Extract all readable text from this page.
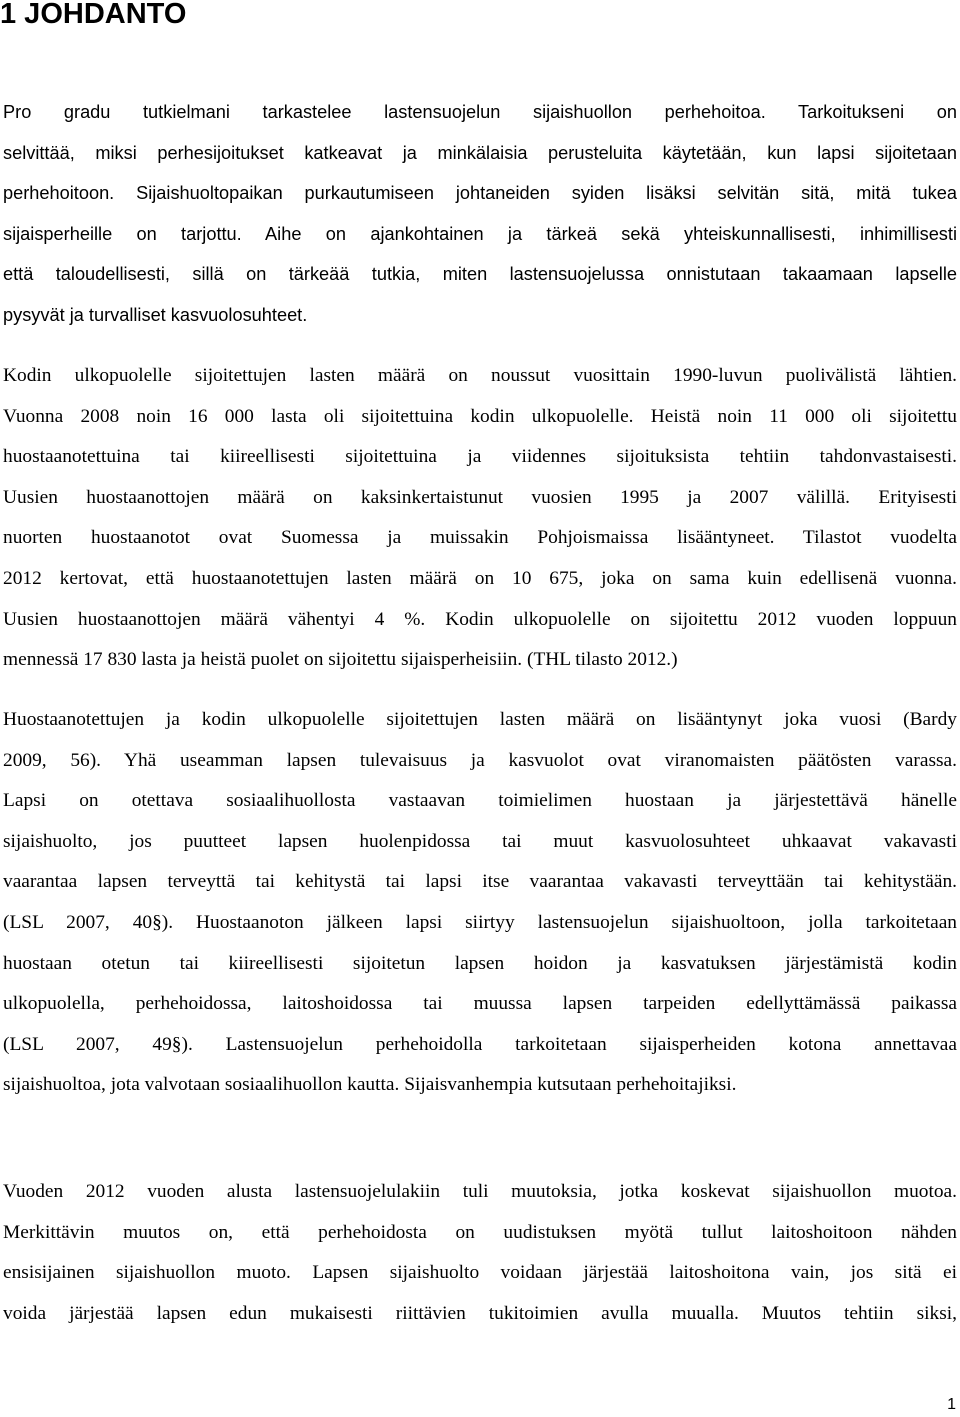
1 JOHDANTO

Pro gradu tutkielmani tarkastelee lastensuojelun sijaishuollon perhehoitoa. Tarkoitukseni on
selvittää, miksi perhesijoitukset katkeavat ja minkälaisia perusteluita käytetään, kun lapsi sijoitetaan
perhehoitoon. Sijaishuoltopaikan purkautumiseen johtaneiden syiden lisäksi selvitän sitä, mitä tukea
sijaisperheille on tarjottu. Aihe on ajankohtainen ja tärkeä sekä yhteiskunnallisesti, inhimillisesti
että taloudellisesti, sillä on tärkeää tutkia, miten lastensuojelussa onnistutaan takaamaan lapselle
pysyvät ja turvalliset kasvuolosuhteet.

Kodin ulkopuolelle sijoitettujen lasten määrä on noussut vuosittain 1990-luvun puolivälistä lähtien.
Vuonna 2008 noin 16 000 lasta oli sijoitettuina kodin ulkopuolelle. Heistä noin 11 000 oli sijoitettu
huostaanotettuina tai kiireellisesti sijoitettuina ja viidennes sijoituksista tehtiin tahdonvastaisesti.
Uusien huostaanottojen määrä on kaksinkertaistunut vuosien 1995 ja 2007 välillä. Erityisesti
nuorten huostaanotot ovat Suomessa ja muissakin Pohjoismaissa lisääntyneet. Tilastot vuodelta
2012 kertovat, että huostaanotettujen lasten määrä on 10 675, joka on sama kuin edellisenä vuonna.
Uusien huostaanottojen määrä vähentyi 4 %. Kodin ulkopuolelle on sijoitettu 2012 vuoden loppuun
mennessä 17 830 lasta ja heistä puolet on sijoitettu sijaisperheisiin. (THL tilasto 2012.)

Huostaanotettujen ja kodin ulkopuolelle sijoitettujen lasten määrä on lisääntynyt joka vuosi (Bardy
2009, 56). Yhä useamman lapsen tulevaisuus ja kasvuolot ovat viranomaisten päätösten varassa.
Lapsi on otettava sosiaalihuollosta vastaavan toimielimen huostaan ja järjestettävä hänelle
sijaishuolto, jos puutteet lapsen huolenpidossa tai muut kasvuolosuhteet uhkaavat vakavasti
vaarantaa lapsen terveyttä tai kehitystä tai lapsi itse vaarantaa vakavasti terveyttään tai kehitystään.
(LSL 2007, 40§). Huostaanoton jälkeen lapsi siirtyy lastensuojelun sijaishuoltoon, jolla tarkoitetaan
huostaan otetun tai kiireellisesti sijoitetun lapsen hoidon ja kasvatuksen järjestämistä kodin
ulkopuolella, perhehoidossa, laitoshoidossa tai muussa lapsen tarpeiden edellyttämässä paikassa
(LSL 2007, 49§). Lastensuojelun perhehoidolla tarkoitetaan sijaisperheiden kotona annettavaa
sijaishuoltoa, jota valvotaan sosiaalihuollon kautta. Sijaisvanhempia kutsutaan perhehoitajiksi.

Vuoden 2012 vuoden alusta lastensuojelulakiin tuli muutoksia, jotka koskevat sijaishuollon muotoa.
Merkittävin muutos on, että perhehoidosta on uudistuksen myötä tullut laitoshoitoon nähden
ensisijainen sijaishuollon muoto. Lapsen sijaishuolto voidaan järjestää laitoshoitona vain, jos sitä ei
voida järjestää lapsen edun mukaisesti riittävien tukitoimien avulla muualla. Muutos tehtiin siksi,

1
